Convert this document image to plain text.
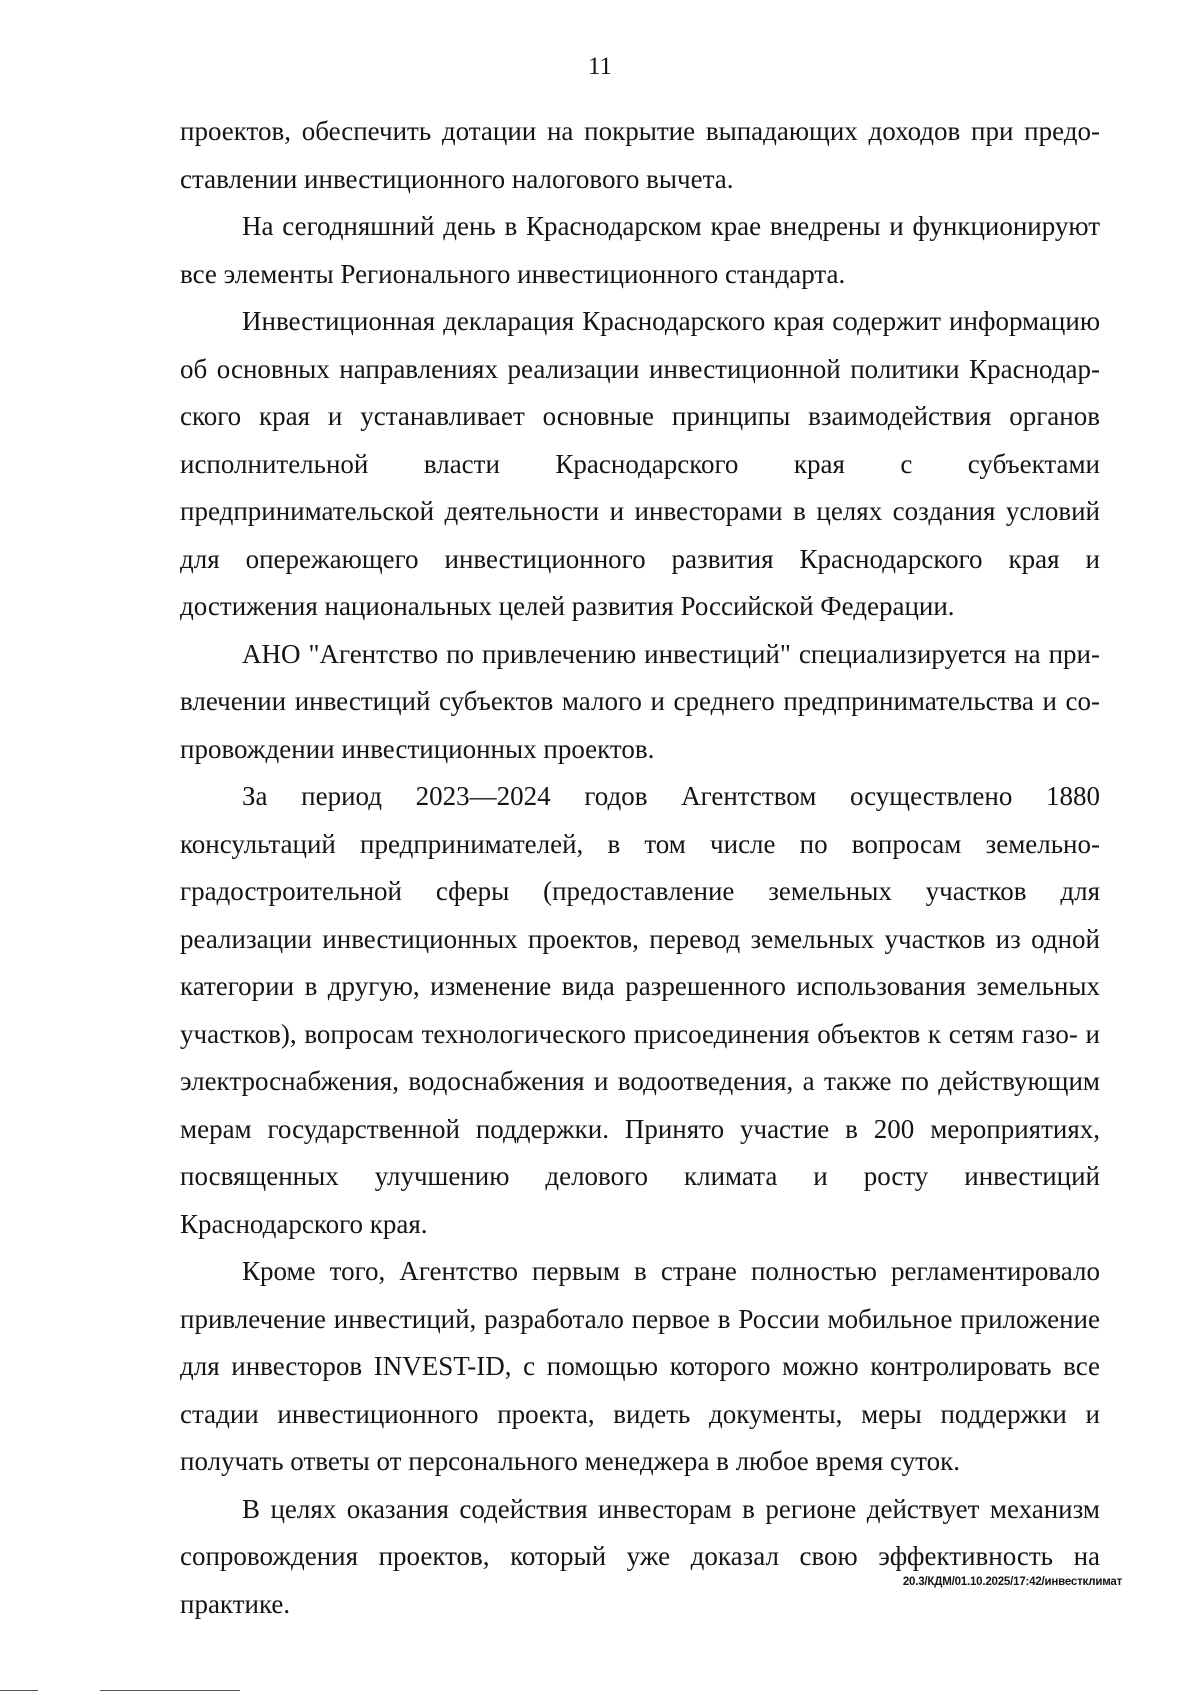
11

проектов, обеспечить дотации на покрытие выпадающих доходов при предоставлении инвестиционного налогового вычета.

На сегодняшний день в Краснодарском крае внедрены и функционируют все элементы Регионального инвестиционного стандарта.

Инвестиционная декларация Краснодарского края содержит информацию об основных направлениях реализации инвестиционной политики Краснодарского края и устанавливает основные принципы взаимодействия органов исполнительной власти Краснодарского края с субъектами предпринимательской деятельности и инвесторами в целях создания условий для опережающего инвестиционного развития Краснодарского края и достижения национальных целей развития Российской Федерации.

АНО "Агентство по привлечению инвестиций" специализируется на привлечении инвестиций субъектов малого и среднего предпринимательства и сопровождении инвестиционных проектов.

За период 2023—2024 годов Агентством осуществлено 1880 консультаций предпринимателей, в том числе по вопросам земельно-градостроительной сферы (предоставление земельных участков для реализации инвестиционных проектов, перевод земельных участков из одной категории в другую, изменение вида разрешенного использования земельных участков), вопросам технологического присоединения объектов к сетям газо- и электроснабжения, водоснабжения и водоотведения, а также по действующим мерам государственной поддержки. Принято участие в 200 мероприятиях, посвященных улучшению делового климата и росту инвестиций Краснодарского края.

Кроме того, Агентство первым в стране полностью регламентировало привлечение инвестиций, разработало первое в России мобильное приложение для инвесторов INVEST-ID, с помощью которого можно контролировать все стадии инвестиционного проекта, видеть документы, меры поддержки и получать ответы от персонального менеджера в любое время суток.

В целях оказания содействия инвесторам в регионе действует механизм сопровождения проектов, который уже доказал свою эффективность на практике.

20.3/КДМ/01.10.2025/17:42/инвестклимат
